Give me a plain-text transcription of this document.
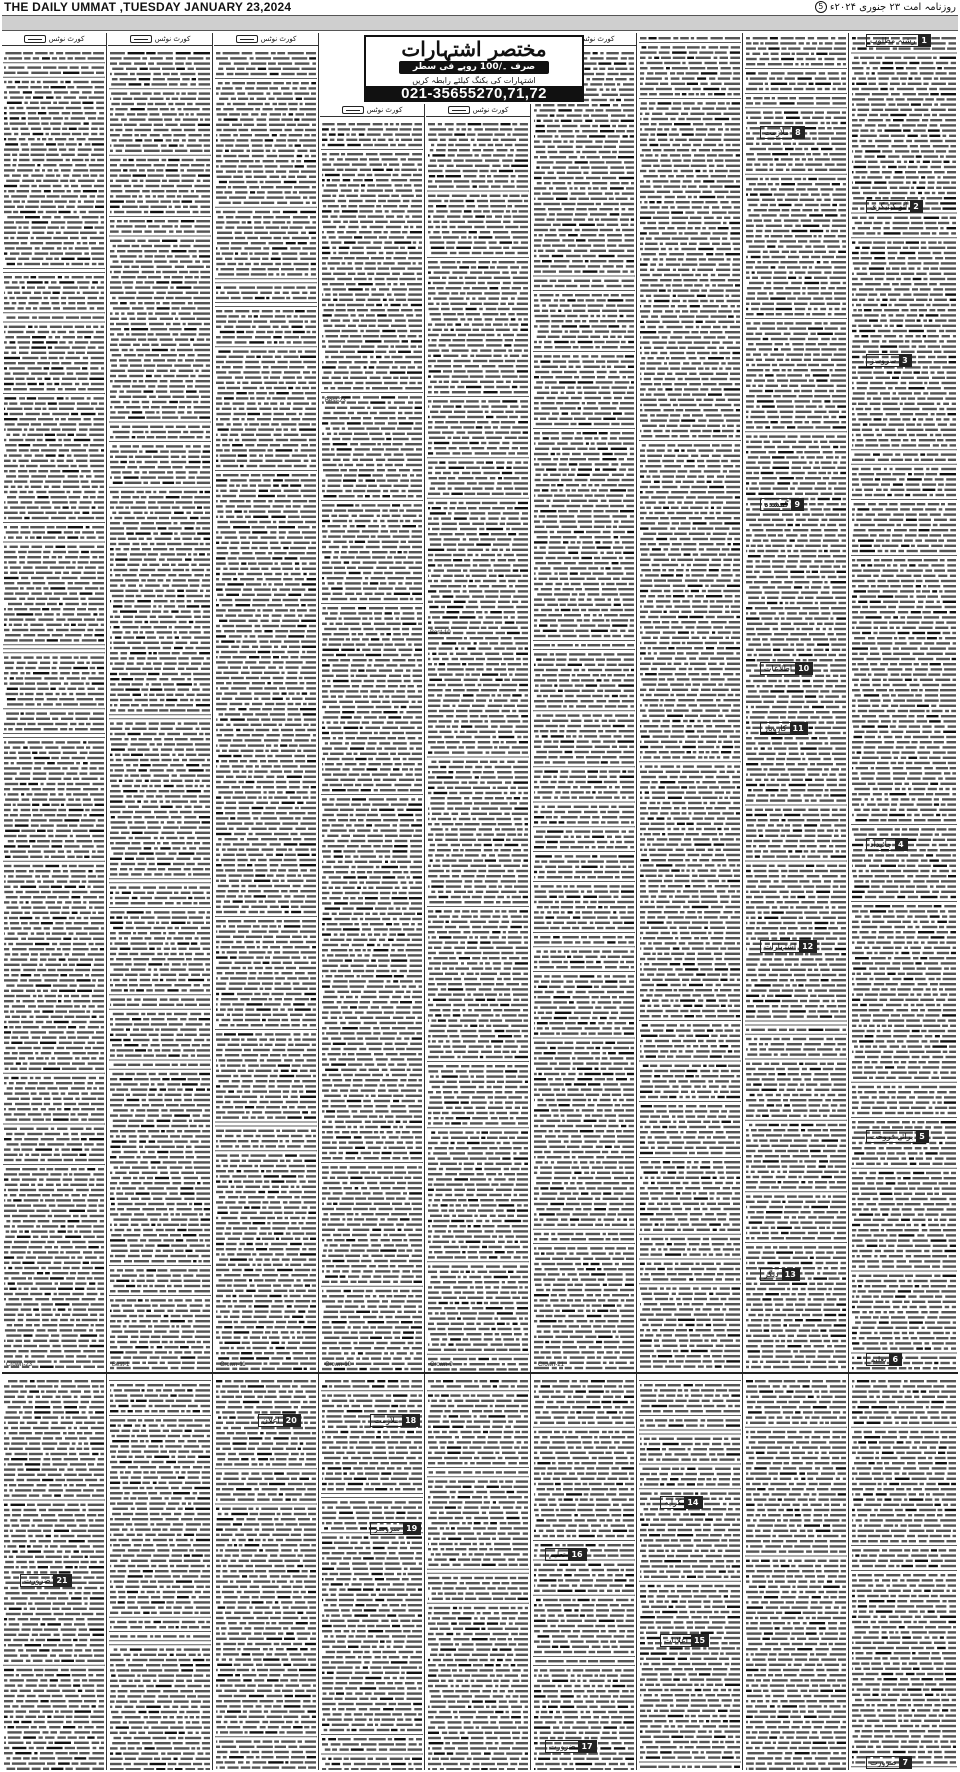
THE DAILY UMMAT ,TUESDAY JANUARY 23,2024	روزنامہ امت ۲۳ جنوری ۲۰۲۴ء
5
کورٹ نوٹس	کورٹ نوٹس	کورٹ نوٹس
کورٹ نوٹس	کورٹ نوٹس
کورٹ نوٹس
مختصر اشتہارات
صرف ۔/100 روپے فی سطر
اشتہارات کی بکنگ کیلئے رابطہ کریں
021-35655270,71,72
1
رشتہ مطلوب
2
آٹو کیٹیگری
3
سروسز
4
جائیداد
5
برائے فروخت
6
تعلیم
7
ضرورت
8
ملازمت
9
گمشدہ
10
اطلاعات
11
کاروبار
12
اشتہارات
13
دیگر
14
کرایہ
15
اعلانات
16
تعلیم
17
ضرورت
18
ملازمت
19
سروسز
20
اعلان
21
ضرورت
Crown-11	Crown-10	Crown-9	Crown-21
Crown-23	Best-1
Best-23
Best-10
